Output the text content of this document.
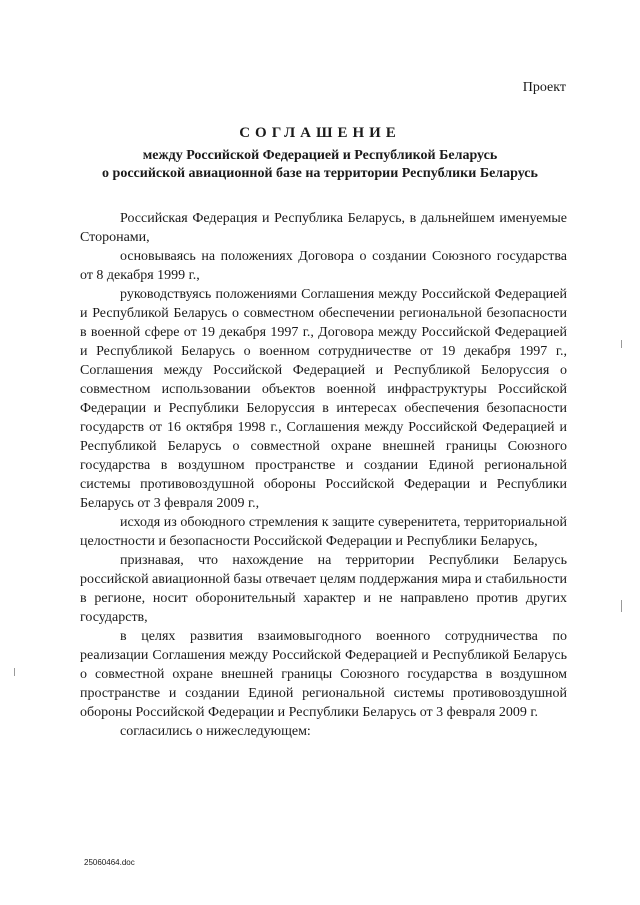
Проект
СОГЛАШЕНИЕ
между Российской Федерацией и Республикой Беларусь
о российской авиационной базе на территории Республики Беларусь

Российская Федерация и Республика Беларусь, в дальнейшем именуемые Сторонами,

основываясь на положениях Договора о создании Союзного государства от 8 декабря 1999 г.,

руководствуясь положениями Соглашения между Российской Федерацией и Республикой Беларусь о совместном обеспечении региональной безопасности в военной сфере от 19 декабря 1997 г., Договора между Российской Федерацией и Республикой Беларусь о военном сотрудничестве от 19 декабря 1997 г., Соглашения между Российской Федерацией и Республикой Белоруссия о совместном использовании объектов военной инфраструктуры Российской Федерации и Республики Белоруссия в интересах обеспечения безопасности государств от 16 октября 1998 г., Соглашения между Российской Федерацией и Республикой Беларусь о совместной охране внешней границы Союзного государства в воздушном пространстве и создании Единой региональной системы противовоздушной обороны Российской Федерации и Республики Беларусь от 3 февраля 2009 г.,

исходя из обоюдного стремления к защите суверенитета, территориальной целостности и безопасности Российской Федерации и Республики Беларусь,

признавая, что нахождение на территории Республики Беларусь российской авиационной базы отвечает целям поддержания мира и стабильности в регионе, носит оборонительный характер и не направлено против других государств,

в целях развития взаимовыгодного военного сотрудничества по реализации Соглашения между Российской Федерацией и Республикой Беларусь о совместной охране внешней границы Союзного государства в воздушном пространстве и создании Единой региональной системы противовоздушной обороны Российской Федерации и Республики Беларусь от 3 февраля 2009 г.

согласились о нижеследующем:

25060464.doc
